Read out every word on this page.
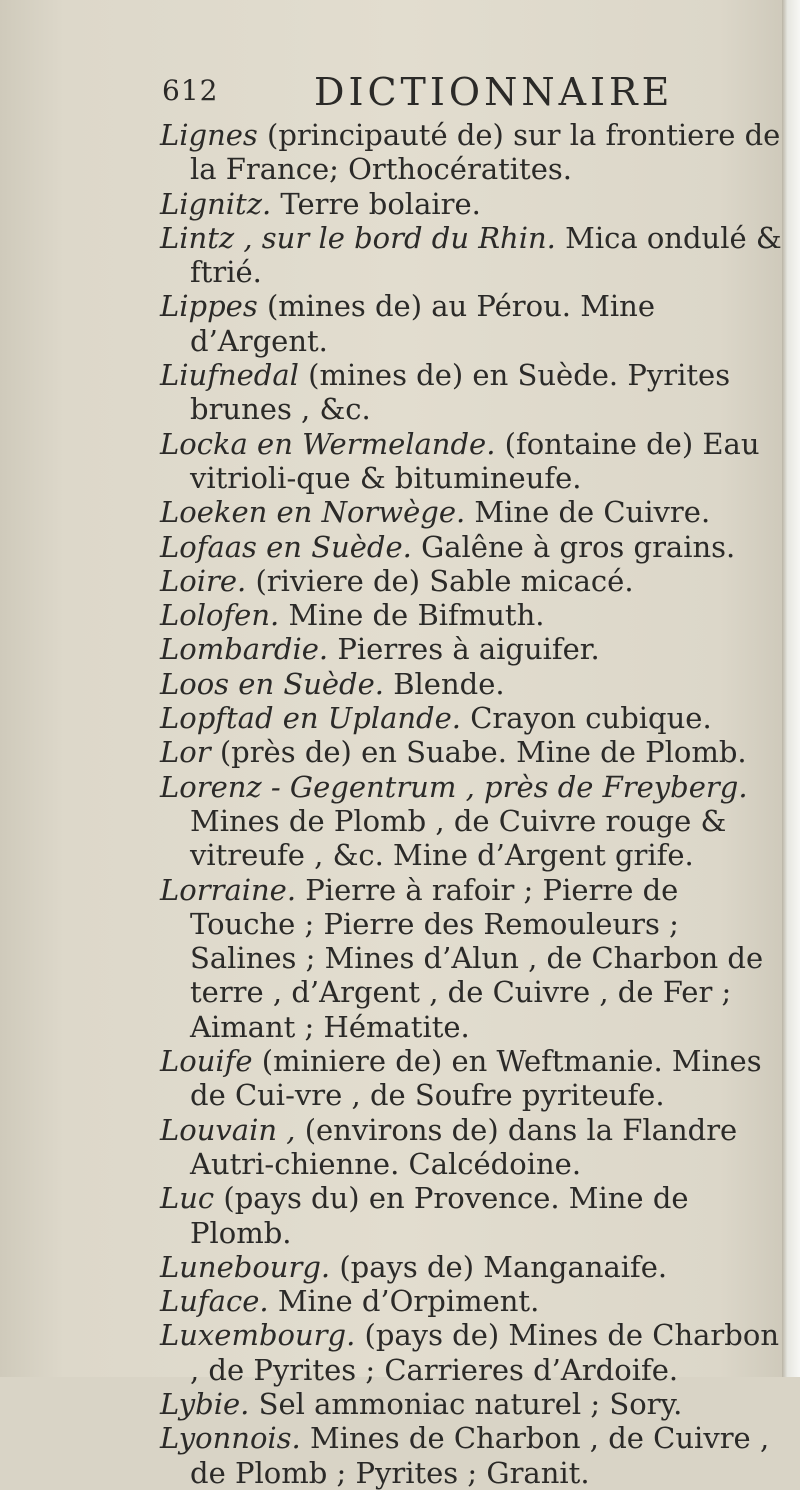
612	DICTIONNAIRE
Lignes (principauté de) sur la frontiere de la France; Orthocératites.
Lignitz. Terre bolaire.
Lintz , sur le bord du Rhin. Mica ondulé & ftrié.
Lippes (mines de) au Pérou. Mine d’Argent.
Liufnedal (mines de) en Suède. Pyrites brunes , &c.
Locka en Wermelande. (fontaine de) Eau vitrioli-que & bitumineufe.
Loeken en Norwège. Mine de Cuivre.
Lofaas en Suède. Galêne à gros grains.
Loire. (riviere de) Sable micacé.
Lolofen. Mine de Bifmuth.
Lombardie. Pierres à aiguifer.
Loos en Suède. Blende.
Lopftad en Uplande. Crayon cubique.
Lor (près de) en Suabe. Mine de Plomb.
Lorenz - Gegentrum , près de Freyberg. Mines de Plomb , de Cuivre rouge & vitreufe , &c. Mine d’Argent grife.
Lorraine. Pierre à rafoir ; Pierre de Touche ; Pierre des Remouleurs ; Salines ; Mines d’Alun , de Charbon de terre , d’Argent , de Cuivre , de Fer ; Aimant ; Hématite.
Louife (miniere de) en Weftmanie. Mines de Cui-vre , de Soufre pyriteufe.
Louvain , (environs de) dans la Flandre Autri-chienne. Calcédoine.
Luc (pays du) en Provence. Mine de Plomb.
Lunebourg. (pays de) Manganaife.
Luface. Mine d’Orpiment.
Luxembourg. (pays de) Mines de Charbon , de Pyrites ; Carrieres d’Ardoife.
Lybie. Sel ammoniac naturel ; Sory.
Lyonnois. Mines de Charbon , de Cuivre , de Plomb ; Pyrites ; Granit.
